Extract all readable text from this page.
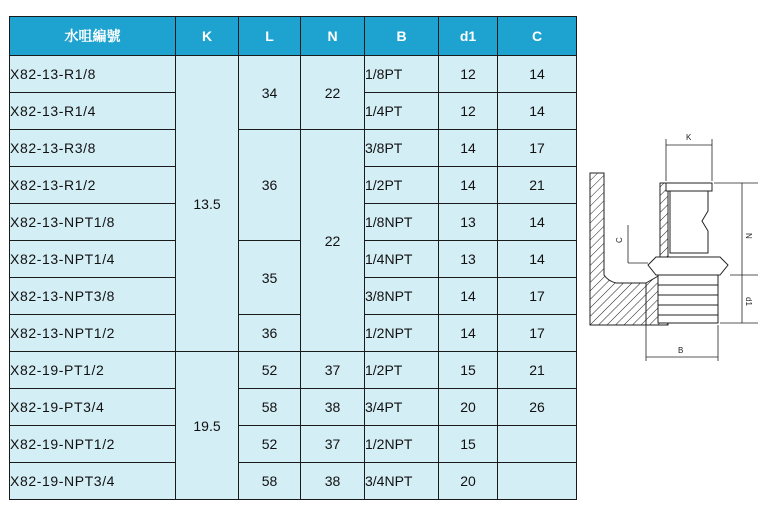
水咀編號	K	L	N	B	d1	C
X82-13-R1/8	13.5	34	22	1/8PT	12	14
X82-13-R1/4				1/4PT	12	14
X82-13-R3/8		36	22	3/8PT	14	17
X82-13-R1/2				1/2PT	14	21
X82-13-NPT1/8				1/8NPT	13	14
X82-13-NPT1/4		35		1/4NPT	13	14
X82-13-NPT3/8				3/8NPT	14	17
X82-13-NPT1/2		36		1/2NPT	14	17
X82-19-PT1/2	19.5	52	37	1/2PT	15	21
X82-19-PT3/4		58	38	3/4PT	20	26
X82-19-NPT1/2		52	37	1/2NPT	15	
X82-19-NPT3/4		58	38	3/4NPT	20	
K
N
d1
C
B
